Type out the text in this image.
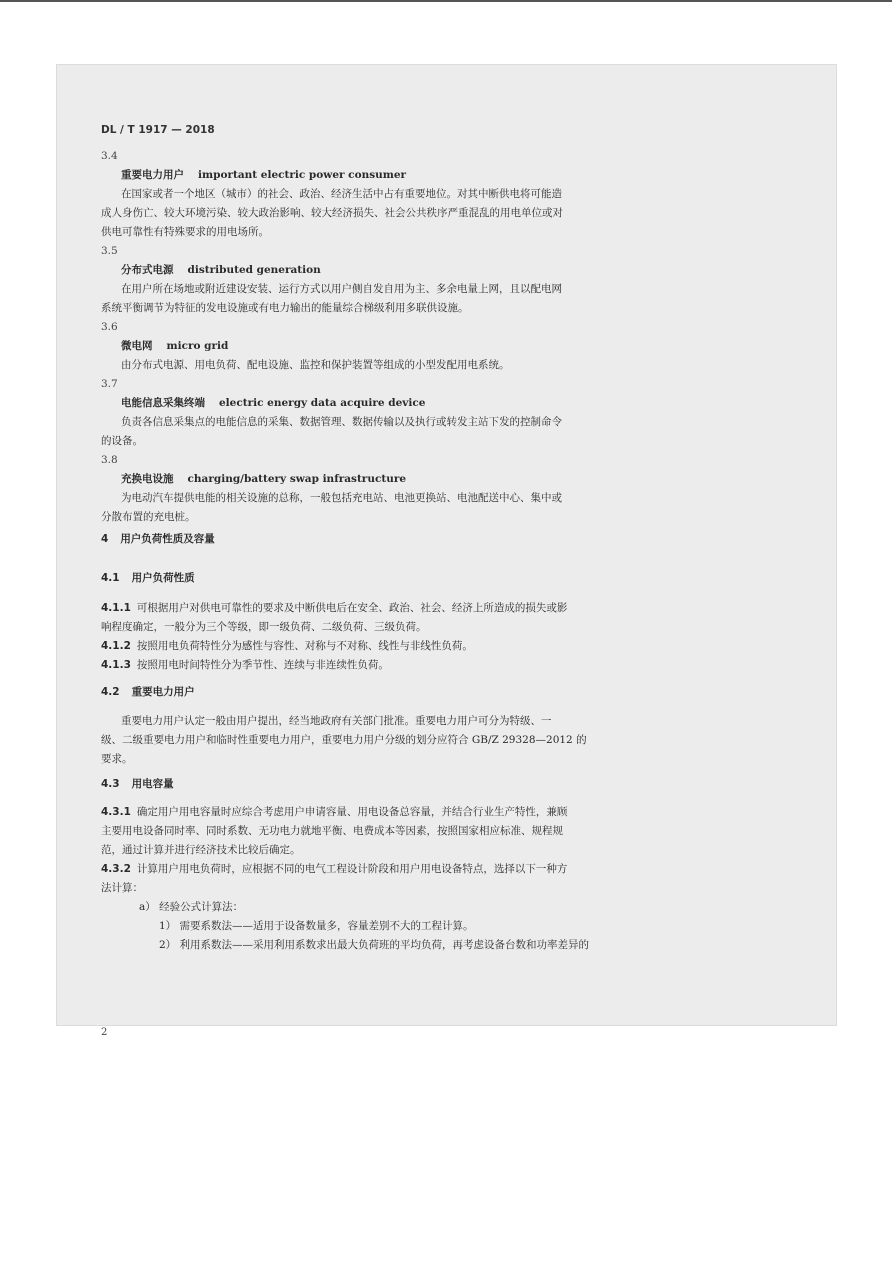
DL / T 1917 — 2018
3.4
重要电力用户 important electric power consumer
在国家或者一个地区（城市）的社会、政治、经济生活中占有重要地位。对其中断供电将可能造
成人身伤亡、较大环境污染、较大政治影响、较大经济损失、社会公共秩序严重混乱的用电单位或对
供电可靠性有特殊要求的用电场所。
3.5
分布式电源 distributed generation
在用户所在场地或附近建设安装、运行方式以用户侧自发自用为主、多余电量上网，且以配电网
系统平衡调节为特征的发电设施或有电力输出的能量综合梯级利用多联供设施。
3.6
微电网 micro grid
由分布式电源、用电负荷、配电设施、监控和保护装置等组成的小型发配用电系统。
3.7
电能信息采集终端 electric energy data acquire device
负责各信息采集点的电能信息的采集、数据管理、数据传输以及执行或转发主站下发的控制命令
的设备。
3.8
充换电设施 charging/battery swap infrastructure
为电动汽车提供电能的相关设施的总称，一般包括充电站、电池更换站、电池配送中心、集中或
分散布置的充电桩。
4 用户负荷性质及容量
4.1 用户负荷性质
4.1.1 可根据用户对供电可靠性的要求及中断供电后在安全、政治、社会、经济上所造成的损失或影
响程度确定，一般分为三个等级，即一级负荷、二级负荷、三级负荷。
4.1.2 按照用电负荷特性分为感性与容性、对称与不对称、线性与非线性负荷。
4.1.3 按照用电时间特性分为季节性、连续与非连续性负荷。
4.2 重要电力用户
重要电力用户认定一般由用户提出，经当地政府有关部门批准。重要电力用户可分为特级、一
级、二级重要电力用户和临时性重要电力用户，重要电力用户分级的划分应符合 GB/Z 29328—2012 的
要求。
4.3 用电容量
4.3.1 确定用户用电容量时应综合考虑用户申请容量、用电设备总容量，并结合行业生产特性，兼顾
主要用电设备同时率、同时系数、无功电力就地平衡、电费成本等因素，按照国家相应标准、规程规
范，通过计算并进行经济技术比较后确定。
4.3.2 计算用户用电负荷时，应根据不同的电气工程设计阶段和用户用电设备特点，选择以下一种方
法计算：
a） 经验公式计算法：
1） 需要系数法——适用于设备数量多，容量差别不大的工程计算。
2） 利用系数法——采用利用系数求出最大负荷班的平均负荷，再考虑设备台数和功率差异的
2
